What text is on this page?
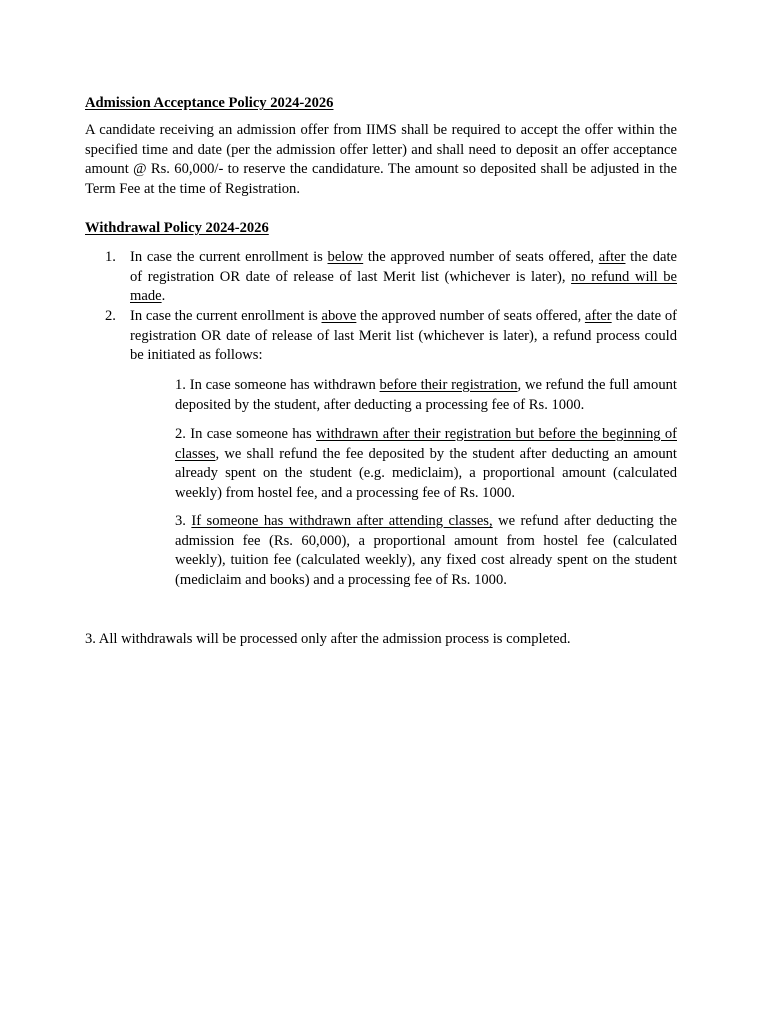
Admission Acceptance Policy 2024-2026

A candidate receiving an admission offer from IIMS shall be required to accept the offer within the specified time and date (per the admission offer letter) and shall need to deposit an offer acceptance amount @ Rs. 60,000/- to reserve the candidature. The amount so deposited shall be adjusted in the Term Fee at the time of Registration.

Withdrawal Policy 2024-2026
1. In case the current enrollment is below the approved number of seats offered, after the date of registration OR date of release of last Merit list (whichever is later), no refund will be made.

2. In case the current enrollment is above the approved number of seats offered, after the date of registration OR date of release of last Merit list (whichever is later), a refund process could be initiated as follows:

1. In case someone has withdrawn before their registration, we refund the full amount deposited by the student, after deducting a processing fee of Rs. 1000.

2. In case someone has withdrawn after their registration but before the beginning of classes, we shall refund the fee deposited by the student after deducting an amount already spent on the student (e.g. mediclaim), a proportional amount (calculated weekly) from hostel fee, and a processing fee of Rs. 1000.

3. If someone has withdrawn after attending classes, we refund after deducting the admission fee (Rs. 60,000), a proportional amount from hostel fee (calculated weekly), tuition fee (calculated weekly), any fixed cost already spent on the student (mediclaim and books) and a processing fee of Rs. 1000.

3. All withdrawals will be processed only after the admission process is completed.
